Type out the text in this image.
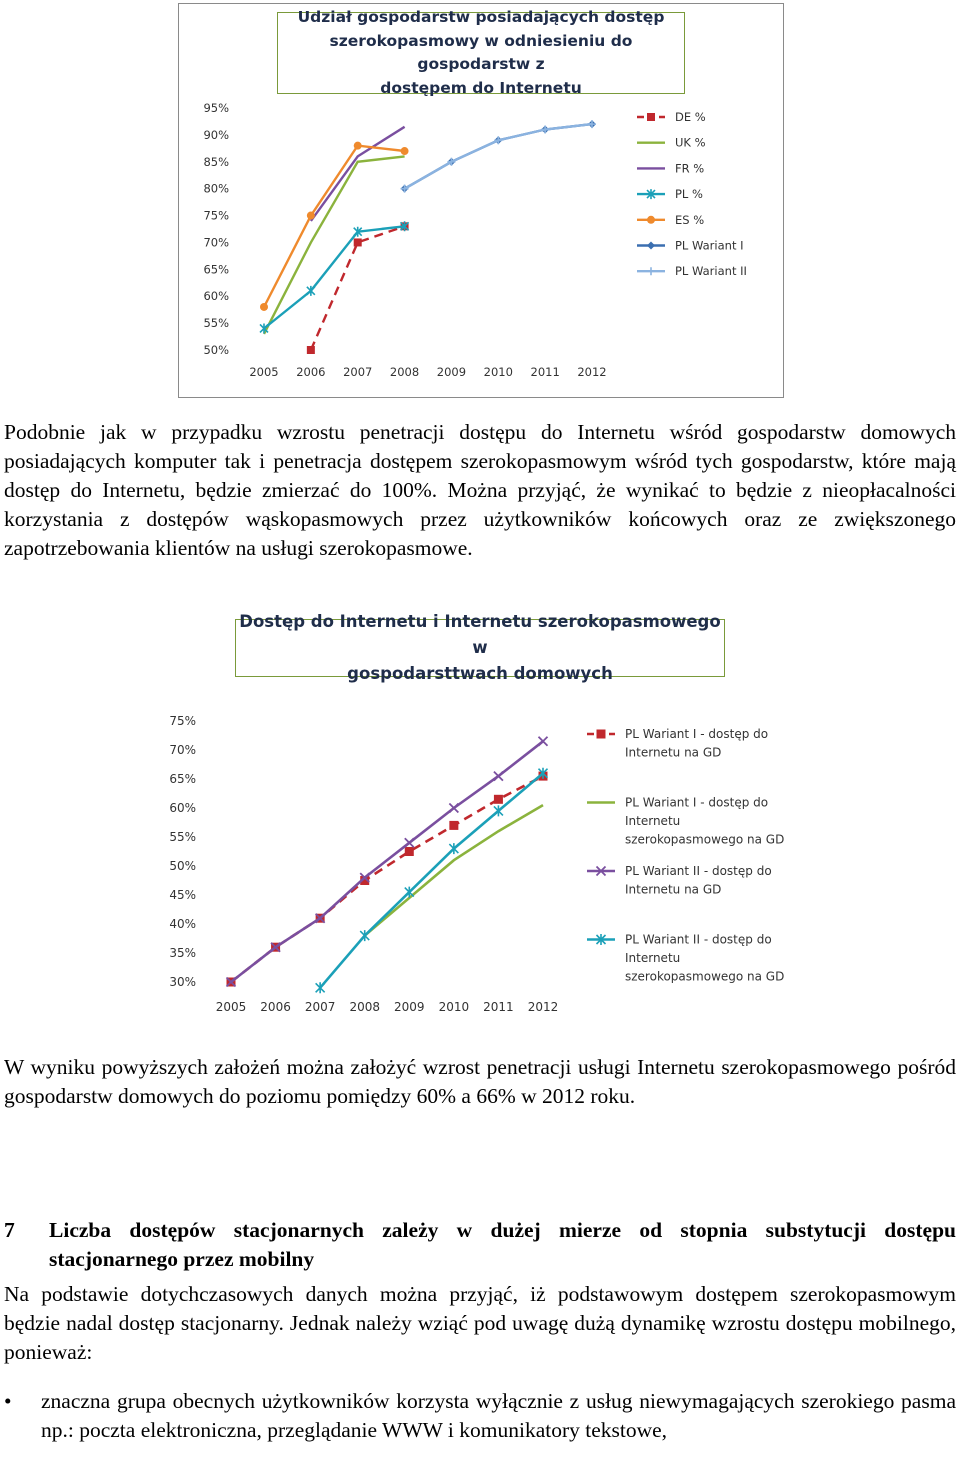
Udział gospodarstw posiadających dostęp
szerokopasmowy w odniesieniu do gospodarstw z
dostępem do Internetu
50%
55%
60%
65%
70%
75%
80%
85%
90%
95%
2005 2006 2007 2008 2009 2010 2011 2012
DE %
UK %
FR %
PL %
ES %
PL Wariant I
PL Wariant II

Podobnie jak w przypadku wzrostu penetracji dostępu do Internetu wśród gospodarstw domowych posiadających komputer tak i penetracja dostępem szerokopasmowym wśród tych gospodarstw, które mają dostęp do Internetu, będzie zmierzać do 100%. Można przyjąć, że wynikać to będzie z nieopłacalności korzystania z dostępów wąskopasmowych przez użytkowników końcowych oraz ze zwiększonego zapotrzebowania klientów na usługi szerokopasmowe.

Dostęp do Internetu i Internetu szerokopasmowego w
gospodarsttwach domowych
30%
35%
40%
45%
50%
55%
60%
65%
70%
75%
2005 2006 2007 2008 2009 2010 2011 2012
PL Wariant I - dostęp do
Internetu na GD
PL Wariant I - dostęp do
Internetu
szerokopasmowego na GD
PL Wariant II - dostęp do
Internetu na GD
PL Wariant II - dostęp do
Internetu
szerokopasmowego na GD

W wyniku powyższych założeń można założyć wzrost penetracji usługi Internetu szerokopasmowego pośród gospodarstw domowych do poziomu pomiędzy 60% a 66% w 2012 roku.

7 Liczba dostępów stacjonarnych zależy w dużej mierze od stopnia substytucji dostępu stacjonarnego przez mobilny

Na podstawie dotychczasowych danych można przyjąć, iż podstawowym dostępem szerokopasmowym będzie nadal dostęp stacjonarny. Jednak należy wziąć pod uwagę dużą dynamikę wzrostu dostępu mobilnego, ponieważ:

• znaczna grupa obecnych użytkowników korzysta wyłącznie z usług niewymagających szerokiego pasma np.: poczta elektroniczna, przeglądanie WWW i komunikatory tekstowe,
